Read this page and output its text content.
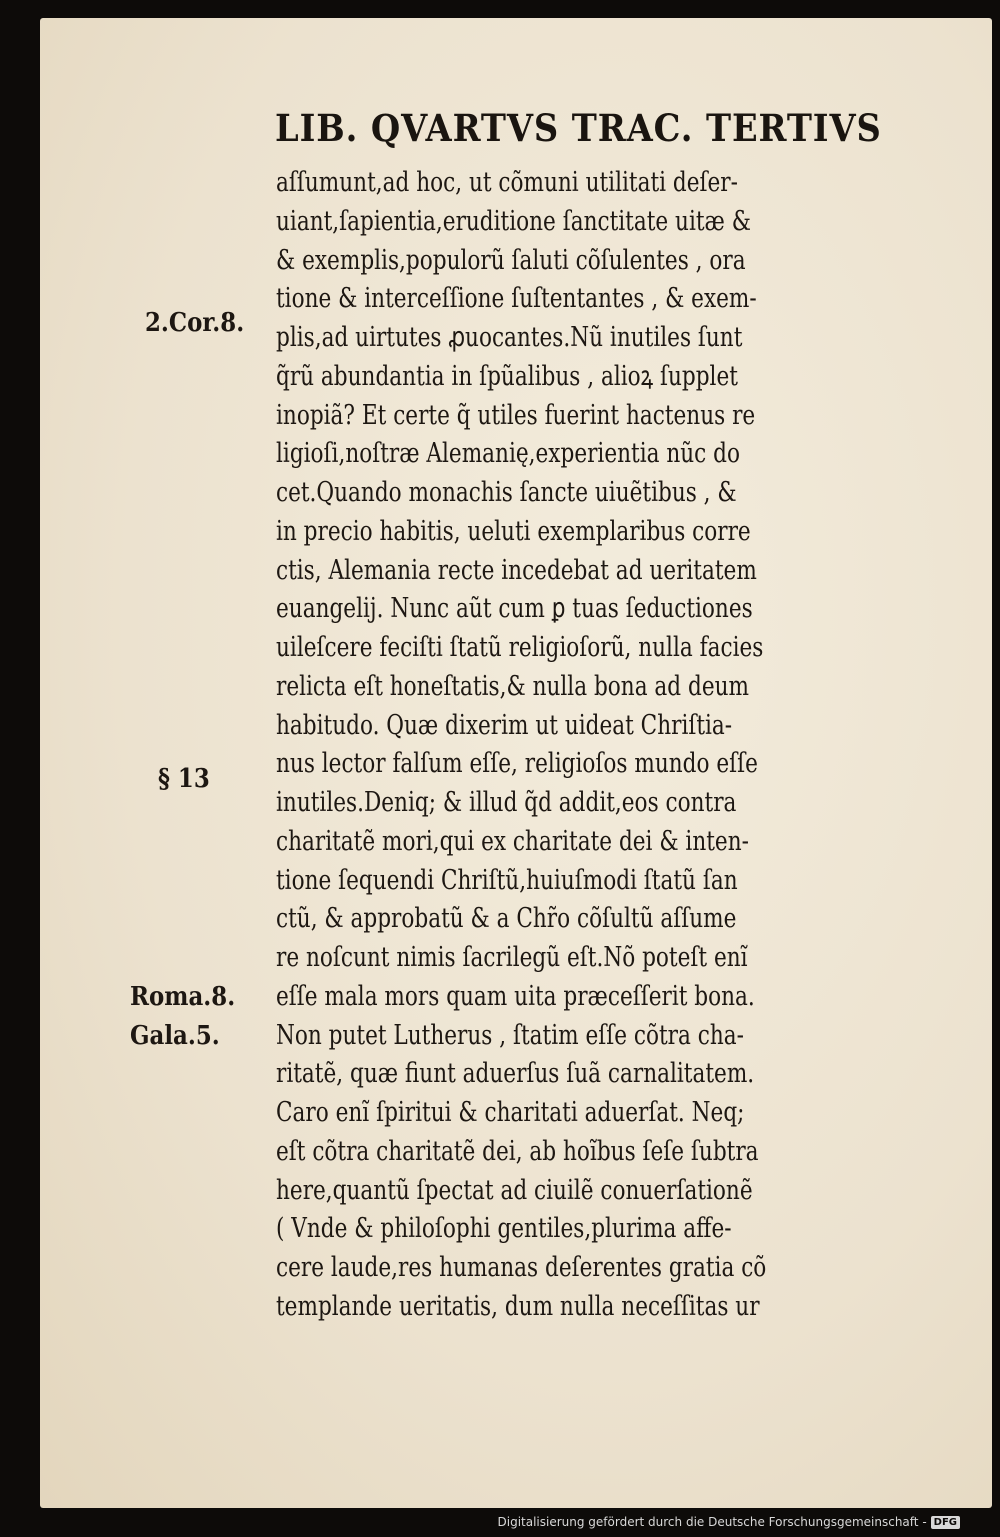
LIB. QVARTVS TRAC. TERTIVS
aſſumunt,ad hoc, ut cõmuni utilitati deſer-
uiant,ſapientia,eruditione ſanctitate uitæ &
& exemplis,populorũ ſaluti cõſulentes , ora
tione & interceſſione ſuſtentantes , & exem-
plis,ad uirtutes ꝓuocantes.Nũ inutiles ſunt
q̃rũ abundantia in ſpũalibus , alioꝝ ſupplet
inopiã? Et certe q̃ utiles fuerint hactenus re
ligioſi,noſtræ Alemanię,experientia nũc do
cet.Quando monachis ſancte uiuẽtibus , &
in precio habitis, ueluti exemplaribus corre
ctis, Alemania recte incedebat ad ueritatem
euangelij. Nunc aũt cum ꝑ tuas ſeductiones
uileſcere feciſti ſtatũ religioſorũ, nulla facies
relicta eſt honeſtatis,& nulla bona ad deum
habitudo. Quæ dixerim ut uideat Chriſtia-
nus lector falſum eſſe, religioſos mundo eſſe
inutiles.Deniq; & illud q̃d addit,eos contra
charitatẽ mori,qui ex charitate dei & inten-
tione ſequendi Chriſtũ,huiuſmodi ſtatũ ſan
ctũ, & approbatũ & a Chr̃o cõſultũ aſſume
re noſcunt nimis ſacrilegũ eſt.Nõ poteſt enĩ
eſſe mala mors quam uita præceſſerit bona.
Non putet Lutherus , ſtatim eſſe cõtra cha-
ritatẽ, quæ fiunt aduerſus ſuã carnalitatem.
Caro enĩ ſpiritui & charitati aduerſat. Neq;
eſt cõtra charitatẽ dei, ab hoĩbus ſeſe ſubtra
here,quantũ ſpectat ad ciuilẽ conuerſationẽ
( Vnde & philoſophi gentiles,plurima affe-
cere laude,res humanas deſerentes gratia cõ
templande ueritatis, dum nulla neceſſitas ur
2.Cor.8.
§ 13
Roma.8.
Gala.5.
Digitalisierung gefördert durch die Deutsche Forschungsgemeinschaft - DFG
